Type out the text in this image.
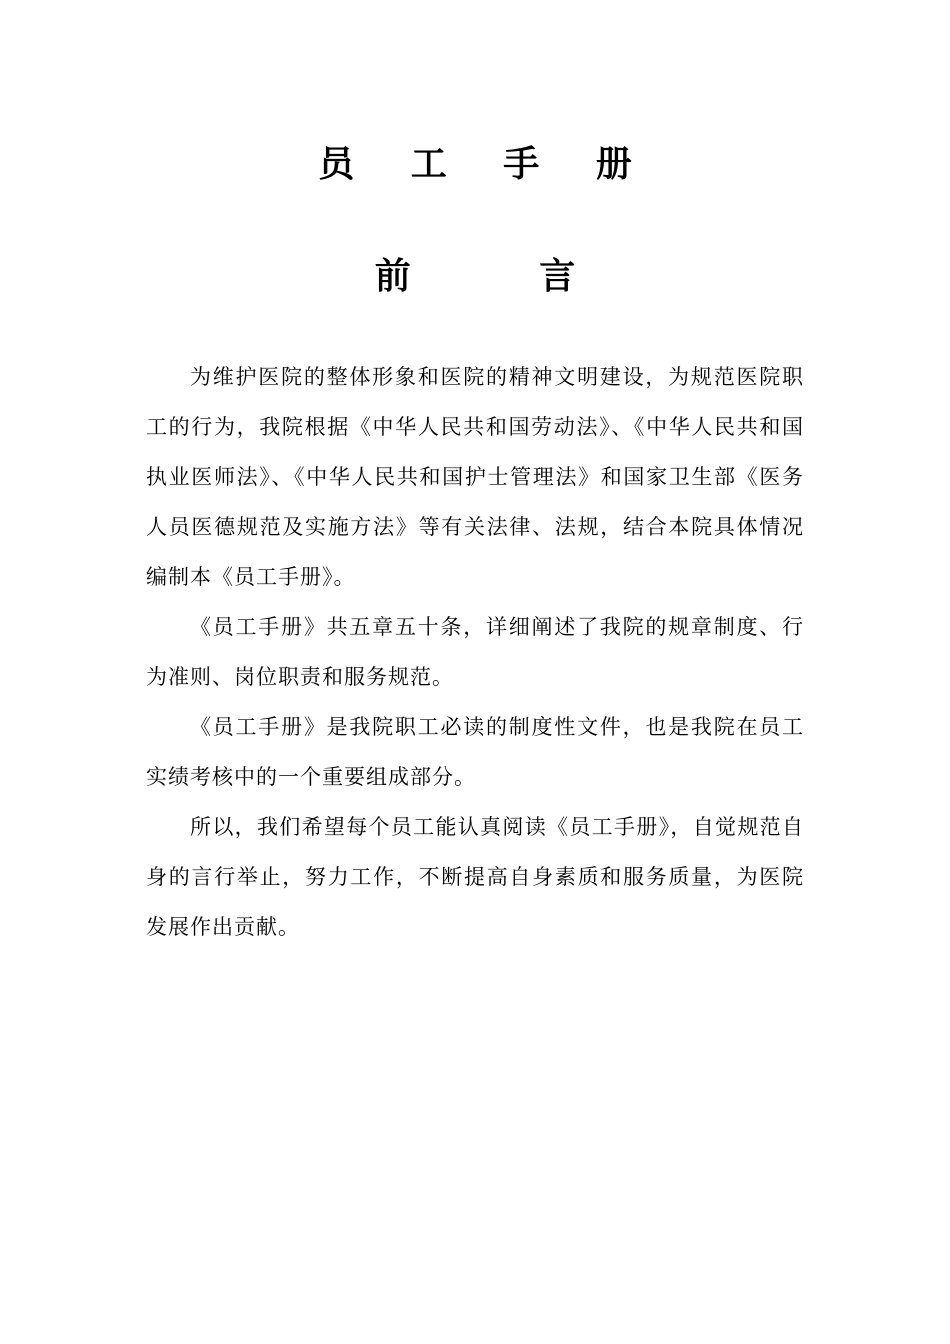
员 工 手 册
前 言

为维护医院的整体形象和医院的精神文明建设，为规范医院职工的行为，我院根据《中华人民共和国劳动法》、《中华人民共和国执业医师法》、《中华人民共和国护士管理法》和国家卫生部《医务人员医德规范及实施方法》等有关法律、法规，结合本院具体情况编制本《员工手册》。

《员工手册》共五章五十条，详细阐述了我院的规章制度、行为准则、岗位职责和服务规范。

《员工手册》是我院职工必读的制度性文件，也是我院在员工实绩考核中的一个重要组成部分。

所以，我们希望每个员工能认真阅读《员工手册》，自觉规范自身的言行举止，努力工作，不断提高自身素质和服务质量，为医院发展作出贡献。
